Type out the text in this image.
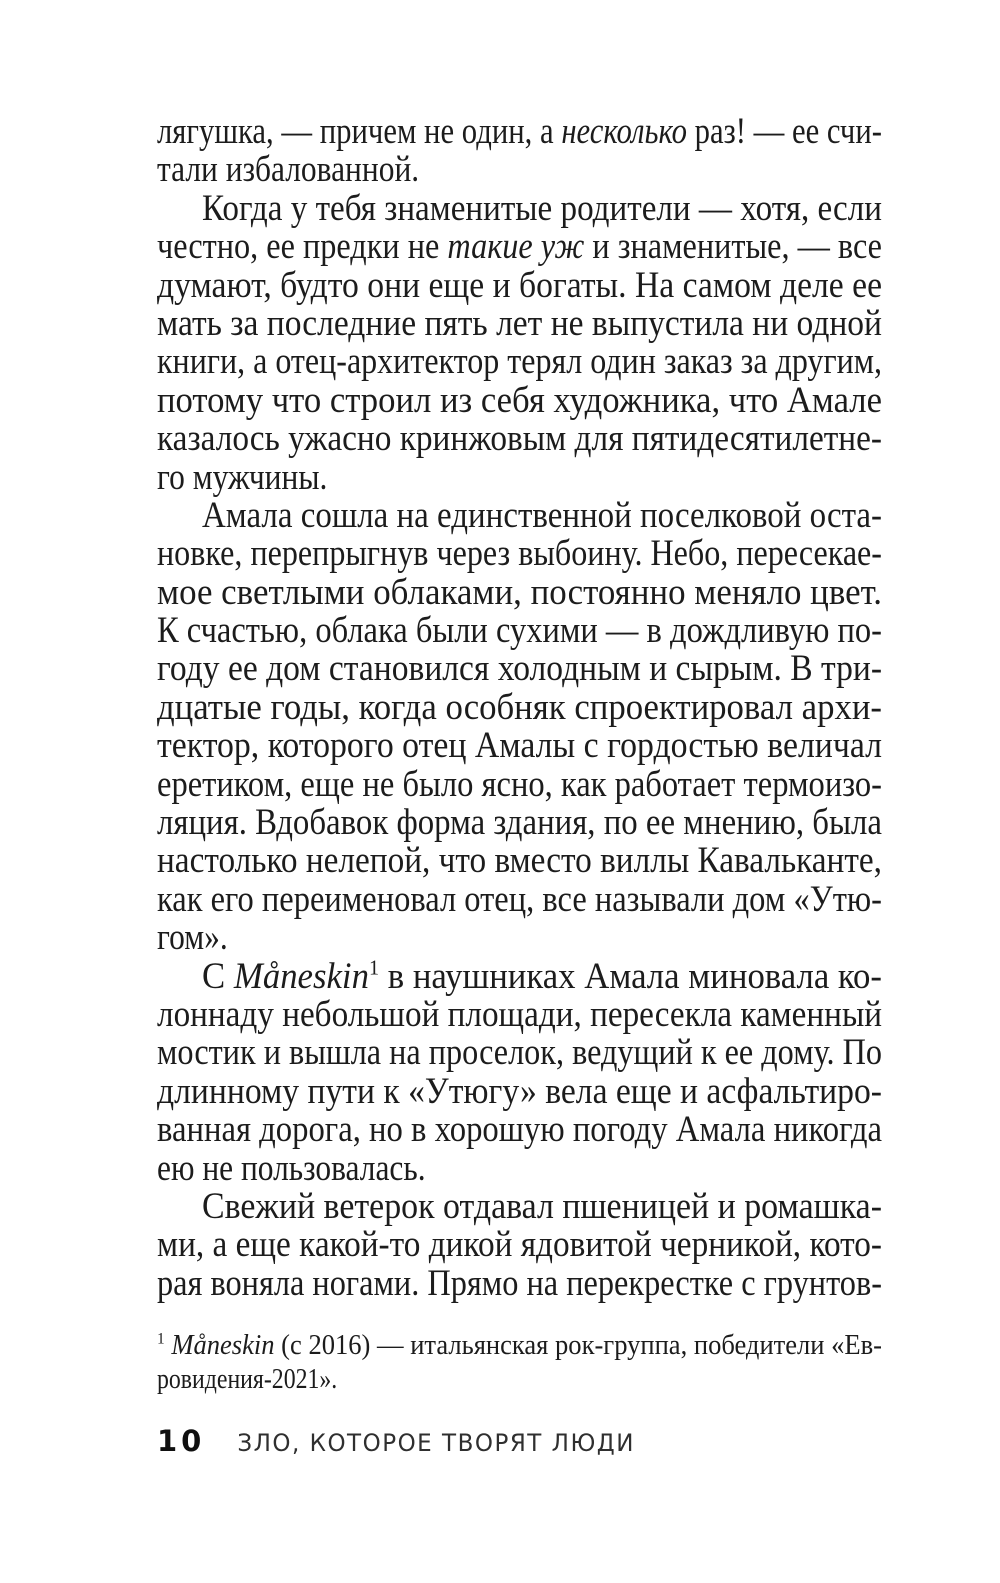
лягушка, — причем не один, а несколько раз! — ее счи-
тали избалованной.
Когда у тебя знаменитые родители — хотя, если
честно, ее предки не такие уж и знаменитые, — все
думают, будто они еще и богаты. На самом деле ее
мать за последние пять лет не выпустила ни одной
книги, а отец-архитектор терял один заказ за другим,
потому что строил из себя художника, что Амале
казалось ужасно кринжовым для пятидесятилетне-
го мужчины.
Амала сошла на единственной поселковой оста-
новке, перепрыгнув через выбоину. Небо, пересекае-
мое светлыми облаками, постоянно меняло цвет.
К счастью, облака были сухими — в дождливую по-
году ее дом становился холодным и сырым. В три-
дцатые годы, когда особняк спроектировал архи-
тектор, которого отец Амалы с гордостью величал
еретиком, еще не было ясно, как работает термоизо-
ляция. Вдобавок форма здания, по ее мнению, была
настолько нелепой, что вместо виллы Кавальканте,
как его переименовал отец, все называли дом «Утю-
гом».
С Måneskin$^1$ в наушниках Амала миновала ко-
лоннаду небольшой площади, пересекла каменный
мостик и вышла на проселок, ведущий к ее дому. По
длинному пути к «Утюгу» вела еще и асфальтиро-
ванная дорога, но в хорошую погоду Амала никогда
ею не пользовалась.
Свежий ветерок отдавал пшеницей и ромашка-
ми, а еще какой-то дикой ядовитой черникой, кото-
рая воняла ногами. Прямо на перекрестке с грунтов-
$^1$ Måneskin (с 2016) — итальянская рок-группа, победители «Ев-
ровидения-2021».
10 ЗЛО, КОТОРОЕ ТВОРЯТ ЛЮДИ
